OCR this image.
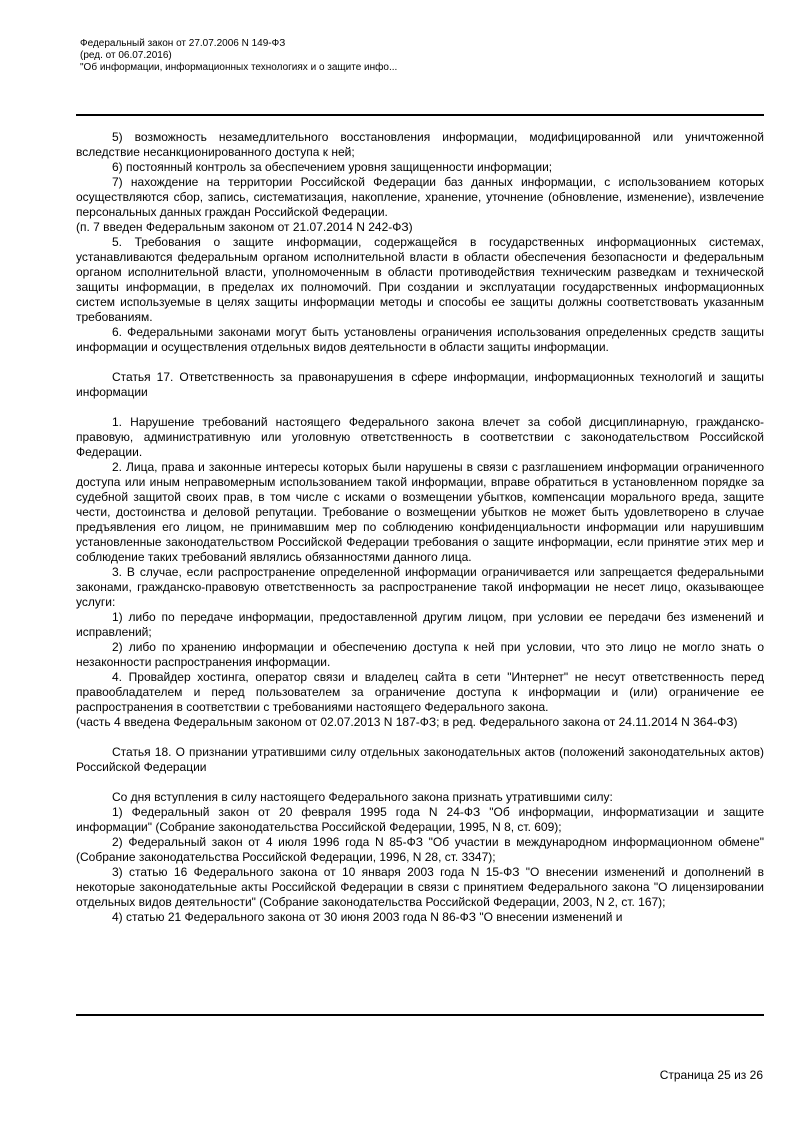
Федеральный закон от 27.07.2006 N 149-ФЗ
(ред. от 06.07.2016)
"Об информации, информационных технологиях и о защите инфо...

5) возможность незамедлительного восстановления информации, модифицированной или уничтоженной вследствие несанкционированного доступа к ней;

6) постоянный контроль за обеспечением уровня защищенности информации;

7) нахождение на территории Российской Федерации баз данных информации, с использованием которых осуществляются сбор, запись, систематизация, накопление, хранение, уточнение (обновление, изменение), извлечение персональных данных граждан Российской Федерации.

(п. 7 введен Федеральным законом от 21.07.2014 N 242-ФЗ)

5. Требования о защите информации, содержащейся в государственных информационных системах, устанавливаются федеральным органом исполнительной власти в области обеспечения безопасности и федеральным органом исполнительной власти, уполномоченным в области противодействия техническим разведкам и технической защиты информации, в пределах их полномочий. При создании и эксплуатации государственных информационных систем используемые в целях защиты информации методы и способы ее защиты должны соответствовать указанным требованиям.

6. Федеральными законами могут быть установлены ограничения использования определенных средств защиты информации и осуществления отдельных видов деятельности в области защиты информации.

Статья 17. Ответственность за правонарушения в сфере информации, информационных технологий и защиты информации

1. Нарушение требований настоящего Федерального закона влечет за собой дисциплинарную, гражданско-правовую, административную или уголовную ответственность в соответствии с законодательством Российской Федерации.

2. Лица, права и законные интересы которых были нарушены в связи с разглашением информации ограниченного доступа или иным неправомерным использованием такой информации, вправе обратиться в установленном порядке за судебной защитой своих прав, в том числе с исками о возмещении убытков, компенсации морального вреда, защите чести, достоинства и деловой репутации. Требование о возмещении убытков не может быть удовлетворено в случае предъявления его лицом, не принимавшим мер по соблюдению конфиденциальности информации или нарушившим установленные законодательством Российской Федерации требования о защите информации, если принятие этих мер и соблюдение таких требований являлись обязанностями данного лица.

3. В случае, если распространение определенной информации ограничивается или запрещается федеральными законами, гражданско-правовую ответственность за распространение такой информации не несет лицо, оказывающее услуги:

1) либо по передаче информации, предоставленной другим лицом, при условии ее передачи без изменений и исправлений;

2) либо по хранению информации и обеспечению доступа к ней при условии, что это лицо не могло знать о незаконности распространения информации.

4. Провайдер хостинга, оператор связи и владелец сайта в сети "Интернет" не несут ответственность перед правообладателем и перед пользователем за ограничение доступа к информации и (или) ограничение ее распространения в соответствии с требованиями настоящего Федерального закона.

(часть 4 введена Федеральным законом от 02.07.2013 N 187-ФЗ; в ред. Федерального закона от 24.11.2014 N 364-ФЗ)

Статья 18. О признании утратившими силу отдельных законодательных актов (положений законодательных актов) Российской Федерации

Со дня вступления в силу настоящего Федерального закона признать утратившими силу:

1) Федеральный закон от 20 февраля 1995 года N 24-ФЗ "Об информации, информатизации и защите информации" (Собрание законодательства Российской Федерации, 1995, N 8, ст. 609);

2) Федеральный закон от 4 июля 1996 года N 85-ФЗ "Об участии в международном информационном обмене" (Собрание законодательства Российской Федерации, 1996, N 28, ст. 3347);

3) статью 16 Федерального закона от 10 января 2003 года N 15-ФЗ "О внесении изменений и дополнений в некоторые законодательные акты Российской Федерации в связи с принятием Федерального закона "О лицензировании отдельных видов деятельности" (Собрание законодательства Российской Федерации, 2003, N 2, ст. 167);

4) статью 21 Федерального закона от 30 июня 2003 года N 86-ФЗ "О внесении изменений и

Страница 25 из 26
